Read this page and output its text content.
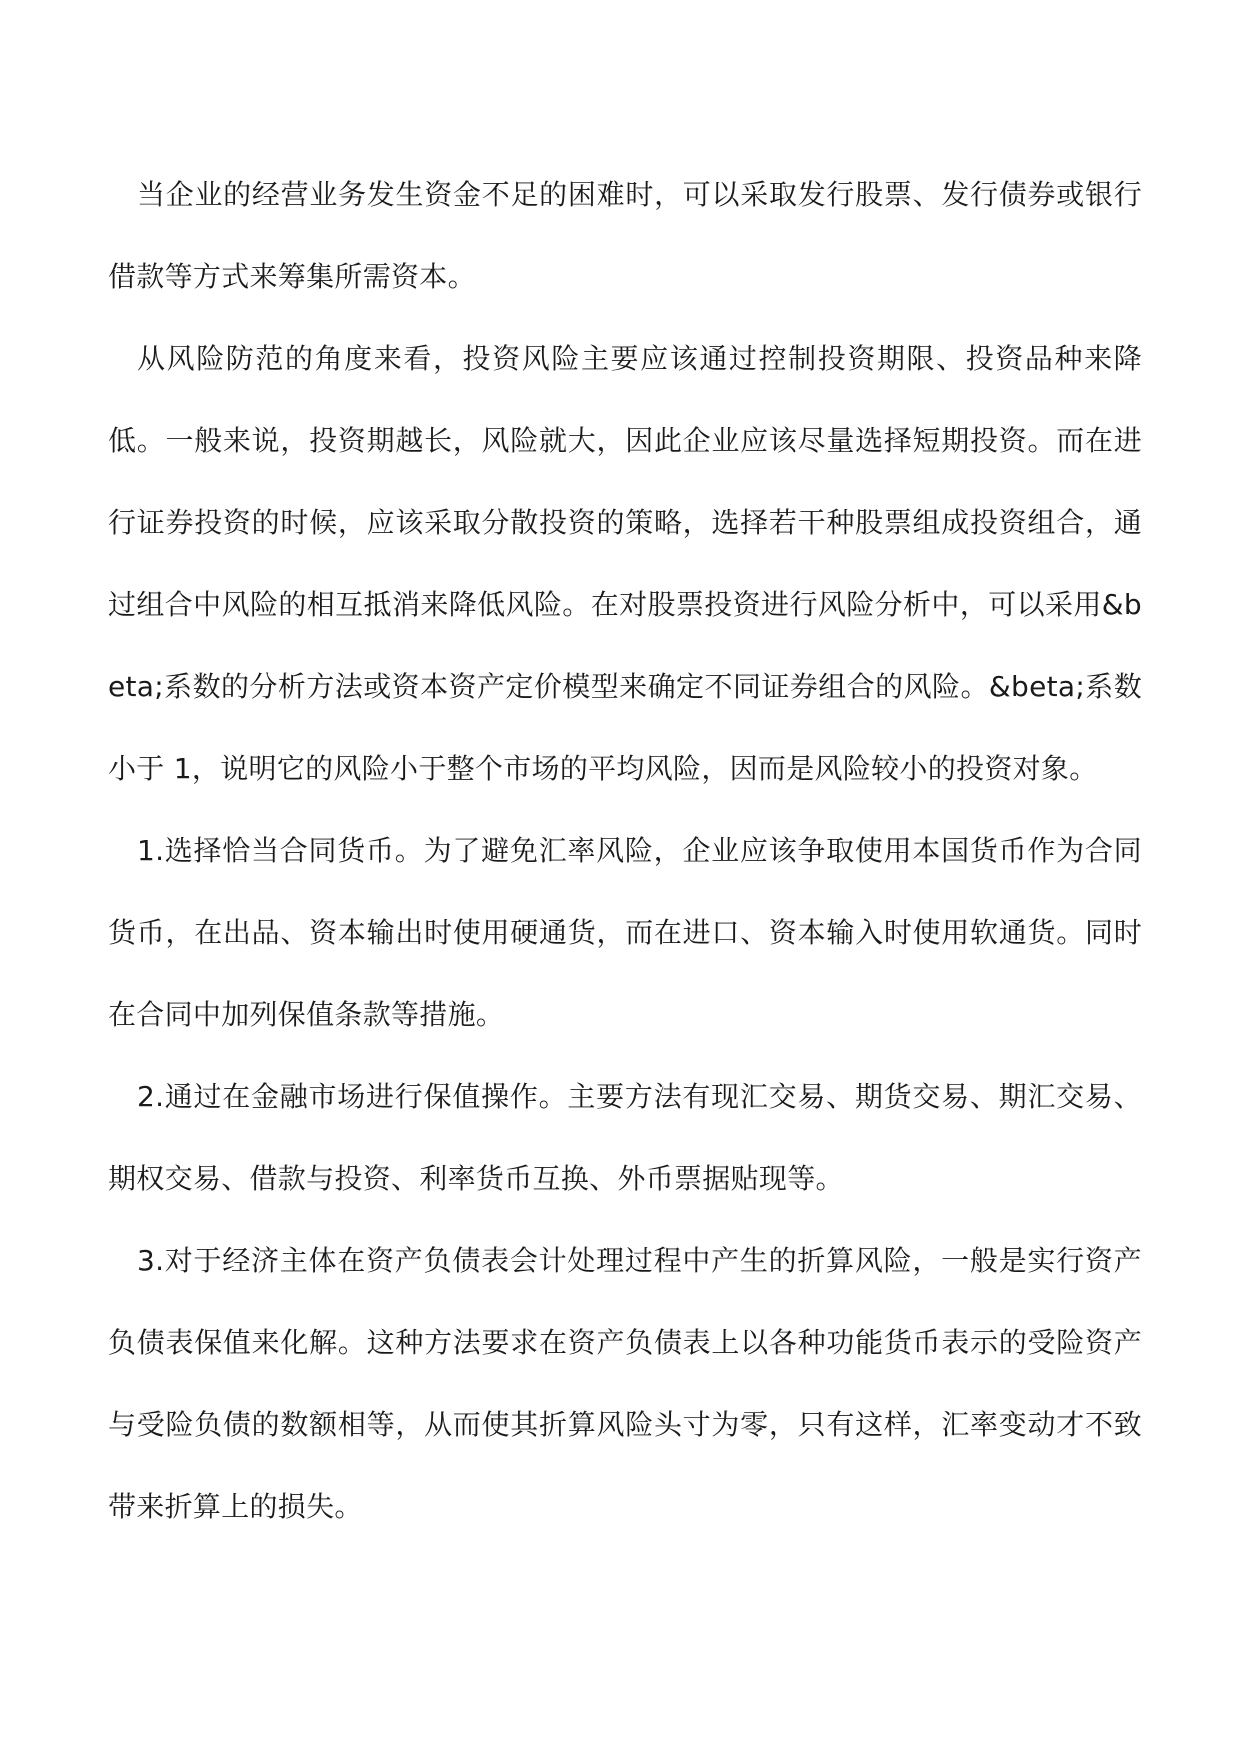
当企业的经营业务发生资金不足的困难时，可以采取发行股票、发行债券或银行借款等方式来筹集所需资本。

从风险防范的角度来看，投资风险主要应该通过控制投资期限、投资品种来降低。一般来说，投资期越长，风险就大，因此企业应该尽量选择短期投资。而在进行证券投资的时候，应该采取分散投资的策略，选择若干种股票组成投资组合，通过组合中风险的相互抵消来降低风险。在对股票投资进行风险分析中，可以采用&beta;系数的分析方法或资本资产定价模型来确定不同证券组合的风险。&beta;系数小于 1，说明它的风险小于整个市场的平均风险，因而是风险较小的投资对象。

1.选择恰当合同货币。为了避免汇率风险，企业应该争取使用本国货币作为合同货币，在出品、资本输出时使用硬通货，而在进口、资本输入时使用软通货。同时在合同中加列保值条款等措施。

2.通过在金融市场进行保值操作。主要方法有现汇交易、期货交易、期汇交易、期权交易、借款与投资、利率货币互换、外币票据贴现等。

3.对于经济主体在资产负债表会计处理过程中产生的折算风险，一般是实行资产负债表保值来化解。这种方法要求在资产负债表上以各种功能货币表示的受险资产与受险负债的数额相等，从而使其折算风险头寸为零，只有这样，汇率变动才不致带来折算上的损失。
